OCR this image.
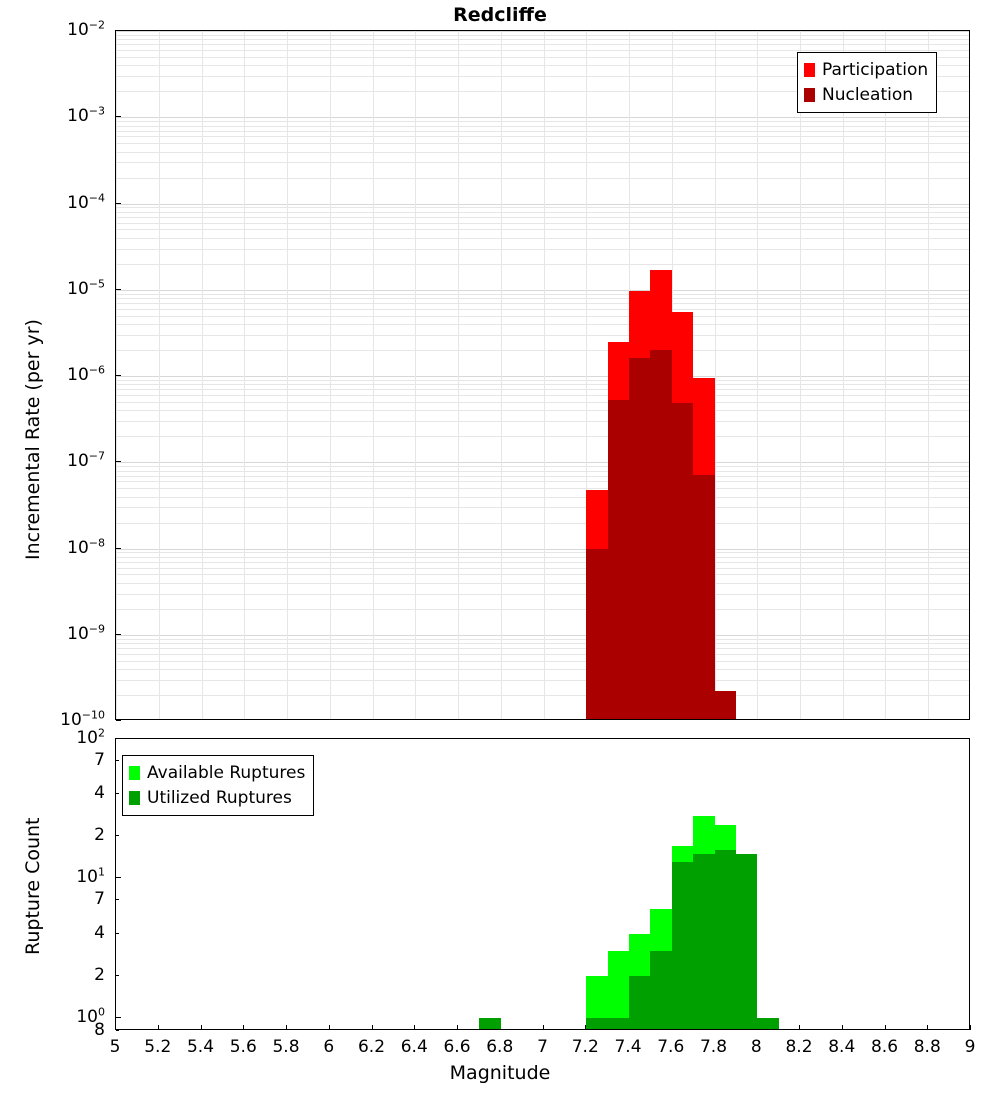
Redcliffe
$10^{-2}$
$10^{-3}$
$10^{-4}$
$10^{-5}$
$10^{-6}$
$10^{-7}$
$10^{-8}$
$10^{-9}$
$10^{-10}$
Incremental Rate (per yr)
Participation
Nucleation
$10^2$
7
4
2
$10^1$
7
4
2
$10^0$
8
Rupture Count
Available Ruptures
Utilized Ruptures
5 5.2 5.4 5.6 5.8 6 6.2 6.4 6.6 6.8 7 7.2 7.4 7.6 7.8 8 8.2 8.4 8.6 8.8 9
Magnitude
